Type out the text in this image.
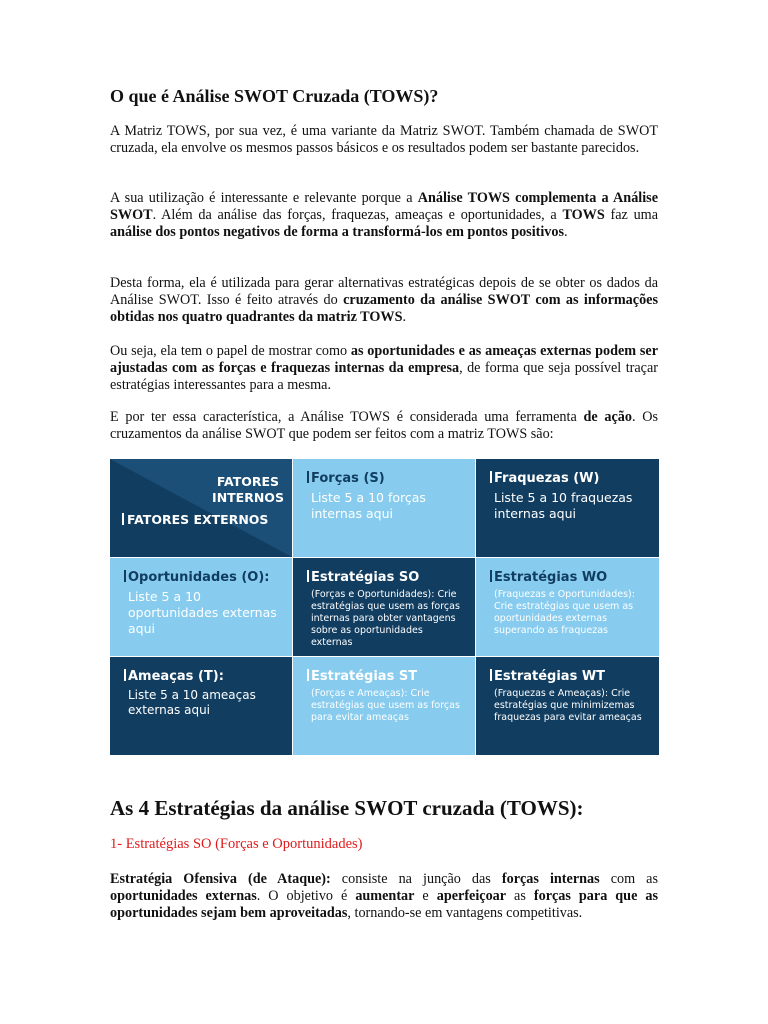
O que é Análise SWOT Cruzada (TOWS)?

A Matriz TOWS, por sua vez, é uma variante da Matriz SWOT. Também chamada de SWOT cruzada, ela envolve os mesmos passos básicos e os resultados podem ser bastante parecidos.

A sua utilização é interessante e relevante porque a Análise TOWS complementa a Análise SWOT. Além da análise das forças, fraquezas, ameaças e oportunidades, a TOWS faz uma análise dos pontos negativos de forma a transformá-los em pontos positivos.

Desta forma, ela é utilizada para gerar alternativas estratégicas depois de se obter os dados da Análise SWOT. Isso é feito através do cruzamento da análise SWOT com as informações obtidas nos quatro quadrantes da matriz TOWS.

Ou seja, ela tem o papel de mostrar como as oportunidades e as ameaças externas podem ser ajustadas com as forças e fraquezas internas da empresa, de forma que seja possível traçar estratégias interessantes para a mesma.

E por ter essa característica, a Análise TOWS é considerada uma ferramenta de ação. Os cruzamentos da análise SWOT que podem ser feitos com a matriz TOWS são:

FATORES INTERNOS
FATORES EXTERNOS
Forças (S)
Liste 5 a 10 forças internas aqui
Fraquezas (W)
Liste 5 a 10 fraquezas internas aqui
Oportunidades (O):
Liste 5 a 10 oportunidades externas aqui
Estratégias SO
(Forças e Oportunidades): Crie estratégias que usem as forças internas para obter vantagens sobre as oportunidades externas
Estratégias WO
(Fraquezas e Oportunidades): Crie estratégias que usem as oportunidades externas superando as fraquezas
Ameaças (T):
Liste 5 a 10 ameaças externas aqui
Estratégias ST
(Forças e Ameaças): Crie estratégias que usem as forças para evitar ameaças
Estratégias WT
(Fraquezas e Ameaças): Crie estratégias que minimizemas fraquezas para evitar ameaças
As 4 Estratégias da análise SWOT cruzada (TOWS):

1- Estratégias SO (Forças e Oportunidades)

Estratégia Ofensiva (de Ataque): consiste na junção das forças internas com as oportunidades externas. O objetivo é aumentar e aperfeiçoar as forças para que as oportunidades sejam bem aproveitadas, tornando-se em vantagens competitivas.
